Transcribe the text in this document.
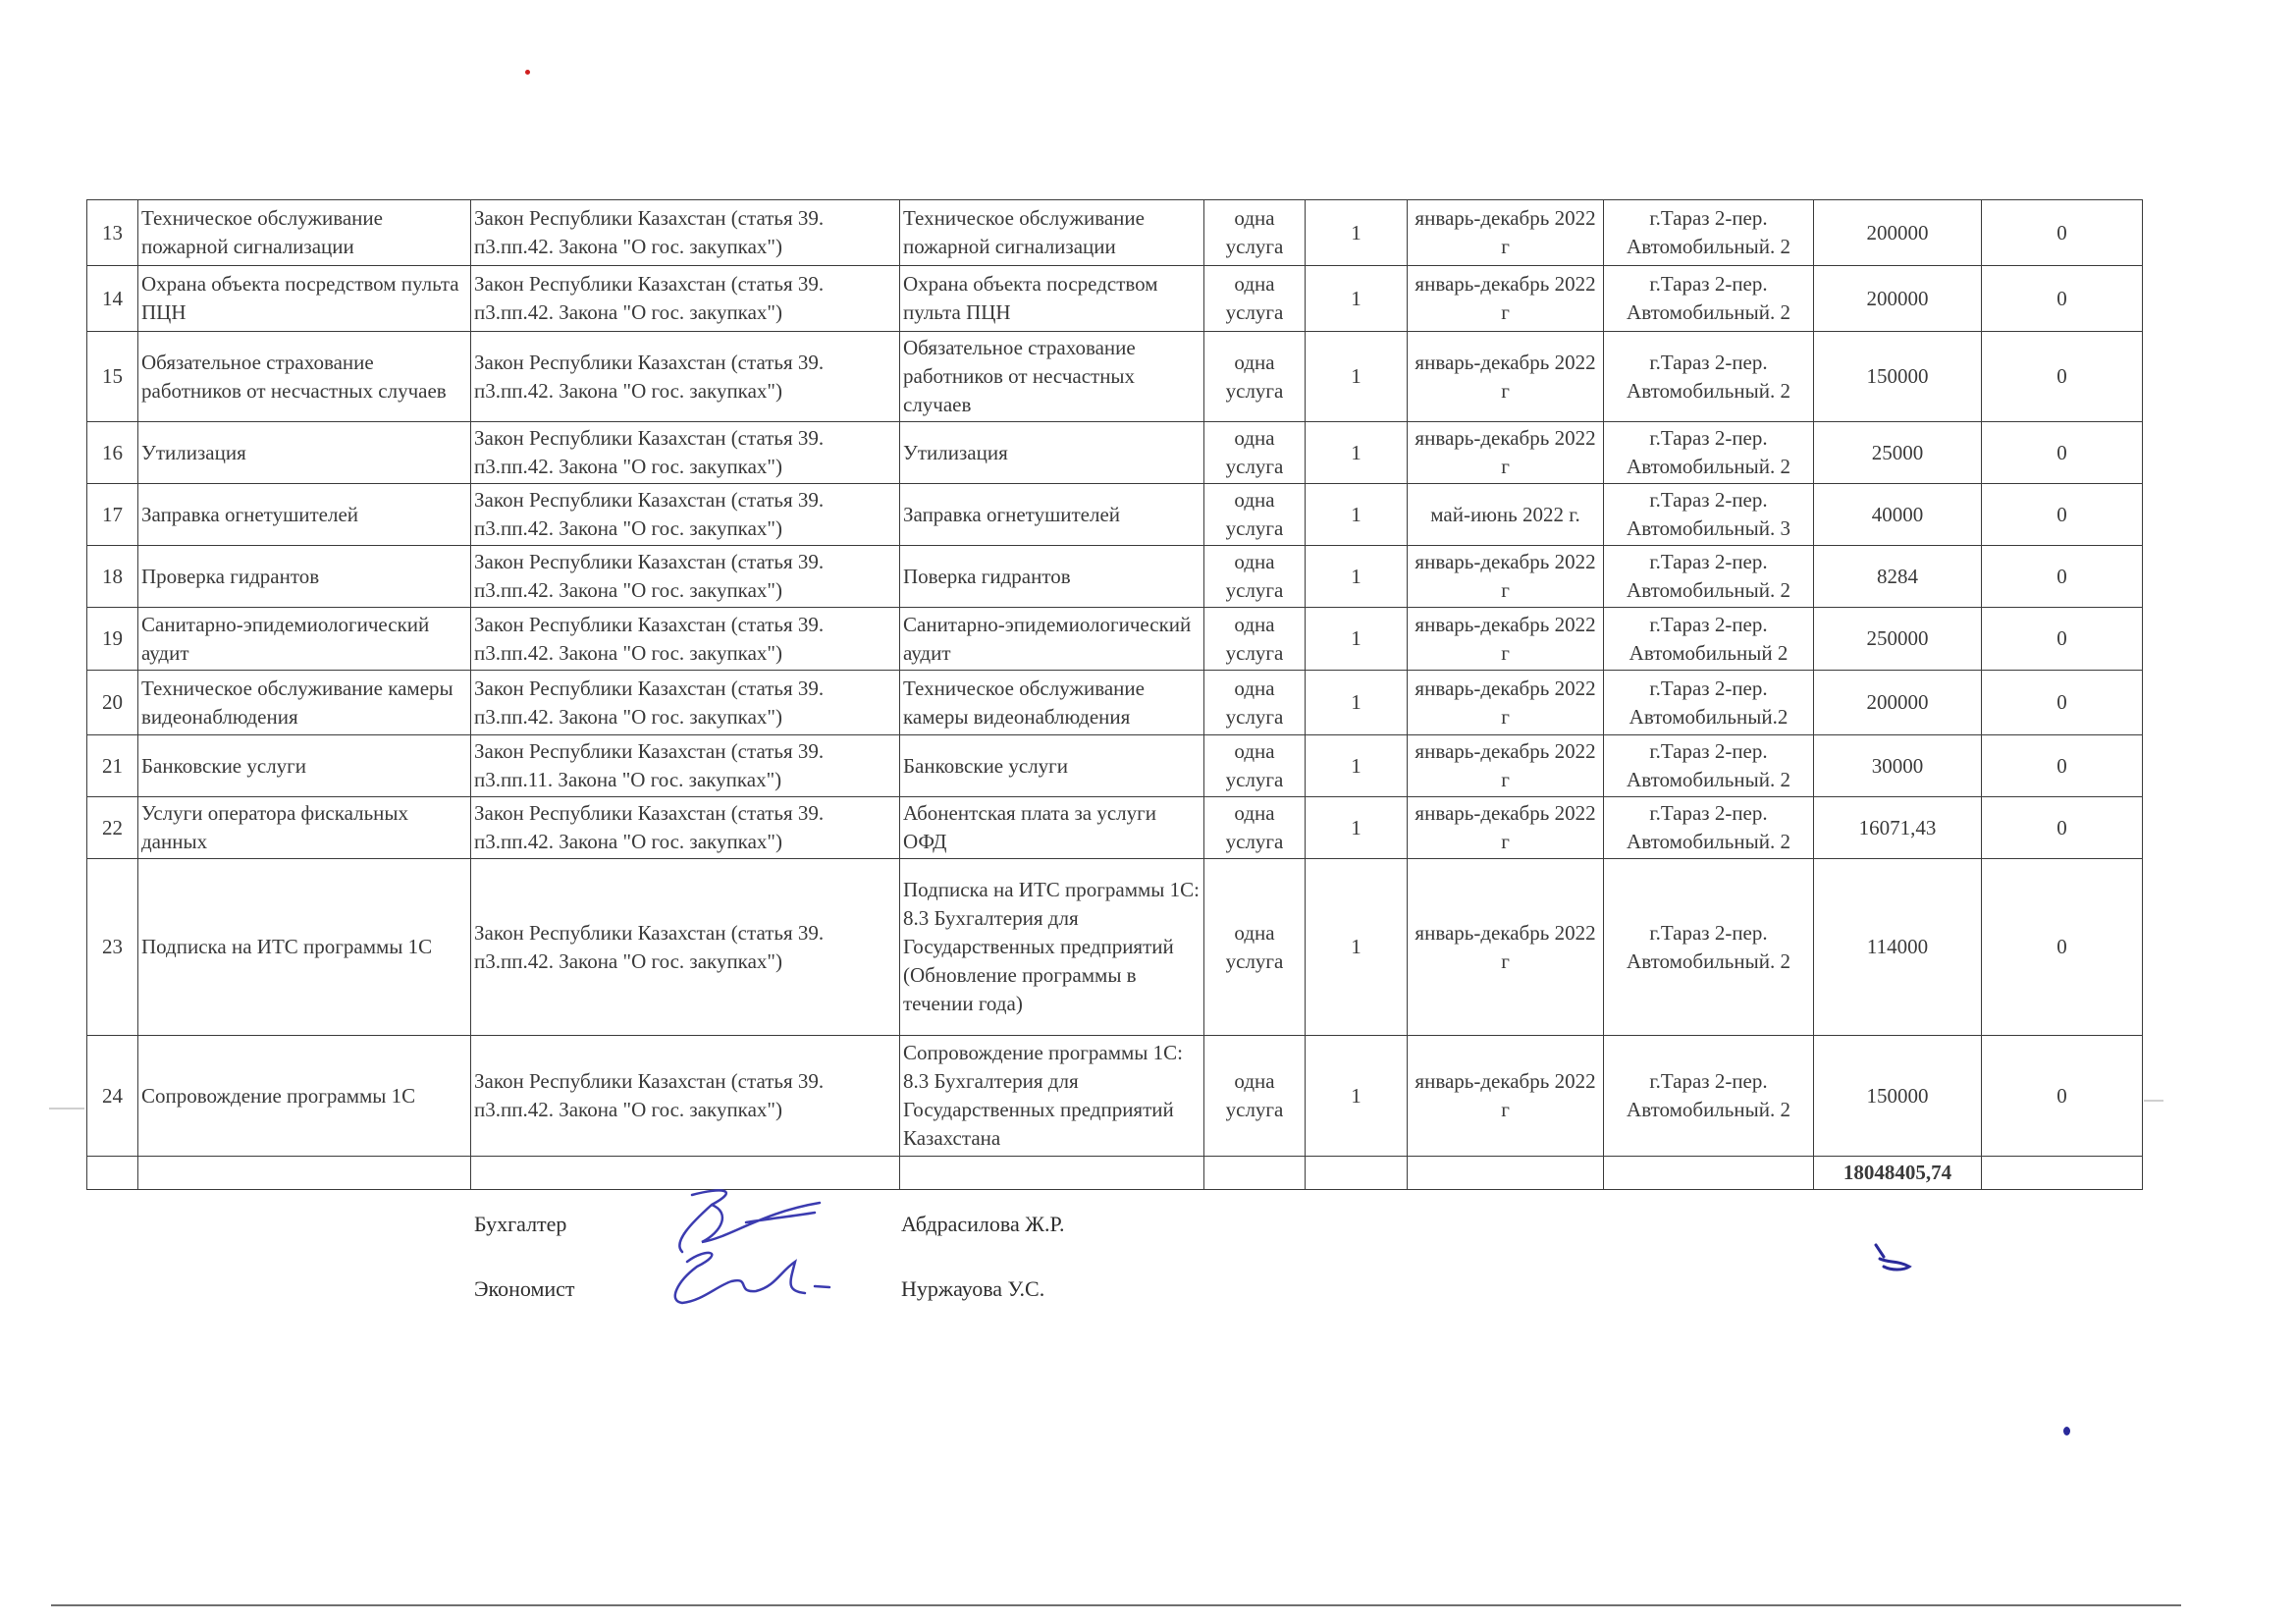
13	Техническое обслуживание пожарной сигнализации	Закон Республики Казахстан (статья 39. п3.пп.42. Закона "О гос. закупках")	Техническое обслуживание пожарной сигнализации	одна услуга	1	январь-декабрь 2022 г	г.Тараз 2-пер. Автомобильный. 2	200000	0
14	Охрана объекта посредством пульта ПЦН	Закон Республики Казахстан (статья 39. п3.пп.42. Закона "О гос. закупках")	Охрана объекта посредством пульта ПЦН	одна услуга	1	январь-декабрь 2022 г	г.Тараз 2-пер. Автомобильный. 2	200000	0
15	Обязательное страхование работников от несчастных случаев	Закон Республики Казахстан (статья 39. п3.пп.42. Закона "О гос. закупках")	Обязательное страхование работников от несчастных случаев	одна услуга	1	январь-декабрь 2022 г	г.Тараз 2-пер. Автомобильный. 2	150000	0
16	Утилизация	Закон Республики Казахстан (статья 39. п3.пп.42. Закона "О гос. закупках")	Утилизация	одна услуга	1	январь-декабрь 2022 г	г.Тараз 2-пер. Автомобильный. 2	25000	0
17	Заправка огнетушителей	Закон Республики Казахстан (статья 39. п3.пп.42. Закона "О гос. закупках")	Заправка огнетушителей	одна услуга	1	май-июнь 2022 г.	г.Тараз 2-пер. Автомобильный. 3	40000	0
18	Проверка гидрантов	Закон Республики Казахстан (статья 39. п3.пп.42. Закона "О гос. закупках")	Поверка гидрантов	одна услуга	1	январь-декабрь 2022 г	г.Тараз 2-пер. Автомобильный. 2	8284	0
19	Санитарно-эпидемиологический аудит	Закон Республики Казахстан (статья 39. п3.пп.42. Закона "О гос. закупках")	Санитарно-эпидемиологический аудит	одна услуга	1	январь-декабрь 2022 г	г.Тараз 2-пер. Автомобильный 2	250000	0
20	Техническое обслуживание камеры видеонаблюдения	Закон Республики Казахстан (статья 39. п3.пп.42. Закона "О гос. закупках")	Техническое обслуживание камеры видеонаблюдения	одна услуга	1	январь-декабрь 2022 г	г.Тараз 2-пер. Автомобильный.2	200000	0
21	Банковские услуги	Закон Республики Казахстан (статья 39. п3.пп.11. Закона "О гос. закупках")	Банковские услуги	одна услуга	1	январь-декабрь 2022 г	г.Тараз 2-пер. Автомобильный. 2	30000	0
22	Услуги оператора фискальных данных	Закон Республики Казахстан (статья 39. п3.пп.42. Закона "О гос. закупках")	Абонентская плата за услуги ОФД	одна услуга	1	январь-декабрь 2022 г	г.Тараз 2-пер. Автомобильный. 2	16071,43	0
23	Подписка на ИТС программы 1С	Закон Республики Казахстан (статья 39. п3.пп.42. Закона "О гос. закупках")	Подписка на ИТС программы 1С: 8.3 Бухгалтерия для Государственных предприятий (Обновление программы в течении года)	одна услуга	1	январь-декабрь 2022 г	г.Тараз 2-пер. Автомобильный. 2	114000	0
24	Сопровождение программы 1С	Закон Республики Казахстан (статья 39. п3.пп.42. Закона "О гос. закупках")	Сопровождение программы 1С: 8.3 Бухгалтерия для Государственных предприятий Казахстана	одна услуга	1	январь-декабрь 2022 г	г.Тараз 2-пер. Автомобильный. 2	150000	0
								18048405,74	
Бухгалтер	Абдрасилова Ж.Р.
Экономист	Нуржауова У.С.
